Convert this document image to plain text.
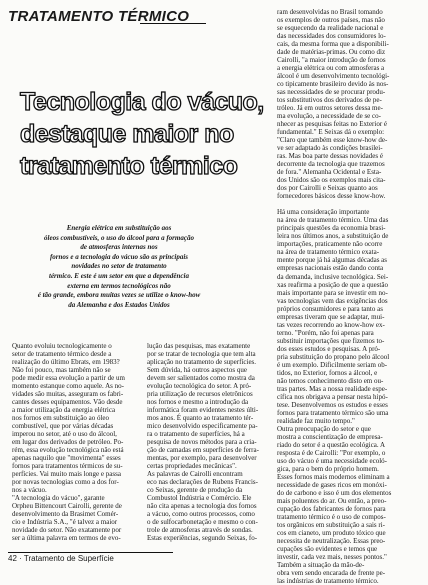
TRATAMENTO TÉRMICO
Tecnologia do vácuo,
destaque maior no
tratamento térmico
Energia elétrica em substituição aos
óleos combustíveis, o uso do álcool para a formação
de atmosferas internas nos
fornos e a tecnologia do vácuo são as principais
novidades no setor de tratamento
térmico. E este é um setor em que a dependência
externa em termos tecnológicos não
é tão grande, embora muitas vezes se utilize o know-how
da Alemanha e dos Estados Unidos
Quanto evoluiu tecnologicamente o
setor de tratamento térmico desde a
realização do último Ebrats, em 1983?
Não foi pouco, mas também não se
pode medir essa evolução a partir de um
momento estanque como aquele. As no-
vidades são muitas, asseguram os fabri-
cantes desses equipamentos. Vão desde
a maior utilização da energia elétrica
nos fornos em substituição ao óleo
combustível, que por várias décadas
imperou no setor, até o uso do álcool,
em lugar dos derivados de petróleo. Po-
rém, essa evolução tecnológica não está
apenas naquilo que "movimenta" esses
fornos para tratamentos térmicos de su-
perfícies. Vai muito mais longe e passa
por novas tecnologias como a dos for-
nos a vácuo.
"A tecnologia do vácuo", garante
Orpheu Bittencourt Cairolli, gerente de
desenvolvimento da Brasimet Comér-
cio e Indústria S.A., "é talvez a maior
novidade do setor. Não exatamente por
ser a última palavra em termos de evo-
lução das pesquisas, mas exatamente
por se tratar de tecnologia que tem alta
aplicação no tratamento de superfícies.
Sem dúvida, há outros aspectos que
devem ser salientados como mostra da
evolução tecnológica do setor. A pró-
pria utilização de recursos eletrônicos
nos fornos e mesmo a introdução da
informática foram evidentes nestes últi-
mos anos. É quanto ao tratamento tér-
mico desenvolvido especificamente pa-
ra o tratamento de superfícies, há a
pesquisa de novos métodos para a cria-
ção de camadas em superfícies de ferra-
mentas, por exemplo, para desenvolver
certas propriedades mecânicas".
As palavras de Cairolli encontram
eco nas declarações de Rubens Francis-
co Seixas, gerente de produção da
Combustol Indústria e Comércio. Ele
não cita apenas a tecnologia dos fornos
a vácuo, como outros processos, como
o de sulfocarbonetação e mesmo o con-
trole de atmosferas através de sondas.
Estas experiências, segundo Seixas, fo-
ram desenvolvidas no Brasil tomando
os exemplos de outros países, mas não
se esquecendo da realidade nacional e
das necessidades dos consumidores lo-
cais, da mesma forma que a disponibili-
dade de matérias-primas. Ou como diz
Cairolli, "a maior introdução de fornos
a energia elétrica ou com atmosferas a
álcool é um desenvolvimento tecnológi-
co tipicamente brasileiro devido às nos-
sas necessidades de se procurar produ-
tos substitutivos dos derivados de pe-
tróleo. Já em outros setores dessa me-
ma evolução, a necessidade de se co-
nhecer as pesquisas feitas no Exterior é
fundamental." E Seixas dá o exemplo:
"Claro que também esse know-how de-
ve ser adaptado às condições brasilei-
ras. Mas boa parte dessas novidades é
decorrente da tecnologia que trazemos
de fora." Alemanha Ocidental e Esta-
dos Unidos são os exemplos mais cita-
dos por Cairolli e Seixas quanto aos
fornecedores básicos desse know-how.
Há uma consideração importante
na área de tratamento térmico. Uma das
principais questões da economia brasi-
leira nos últimos anos, a substituição de
importações, praticamente não ocorre
na área de tratamento térmico exata-
mente porque já há algumas décadas as
empresas nacionais estão dando conta
da demanda, inclusive tecnológica. Sei-
xas reafirma a posição de que a questão
mais importante para se investir em no-
vas tecnologias vem das exigências dos
próprios consumidores e para tanto as
empresas tiveram que se adaptar, mui-
tas vezes recorrendo ao know-how ex-
terno. "Porém, não foi apenas para
substituir importações que fizemos to-
dos esses estudos e pesquisas. A pró-
pria substituição do propano pelo álcool
é um exemplo. Dificilmente seriam ob-
tidos, no Exterior, fornos a álcool, e
não temos conhecimento disto em ou-
tras partes. Mas a nossa realidade espe-
cífica nos obrigava a pensar nesta hipó-
tese. Desenvolvemos os estudos e esses
fornos para tratamento térmico são uma
realidade faz muito tempo."
Outra preocupação do setor e que
mostra a conscientização de empresa-
riado do setor é a questão ecológica. A
resposta é de Cairolli: "Por exemplo, o
uso do vácuo é uma necessidade ecoló-
gica, para o bem do próprio homem.
Esses fornos mais modernos eliminam a
necessidade de gases ricos em monóxi-
do de carbono e isso é um dos elementos
mais poluentes do ar. Ou então, a preo-
cupação dos fabricantes de fornos para
tratamento térmico é o uso de compos-
tos orgânicos em substituição a sais ri-
cos em cianeto, um produto tóxico que
necessita de neutralização. Essas preo-
cupações são evidentes e temos que
investir, cada vez mais, nesses pontos."
Também a situação da mão-de-
obra vem sendo encarada de frente pe-
las indústrias de tratamento térmico.
42 · Tratamento de Superfície
